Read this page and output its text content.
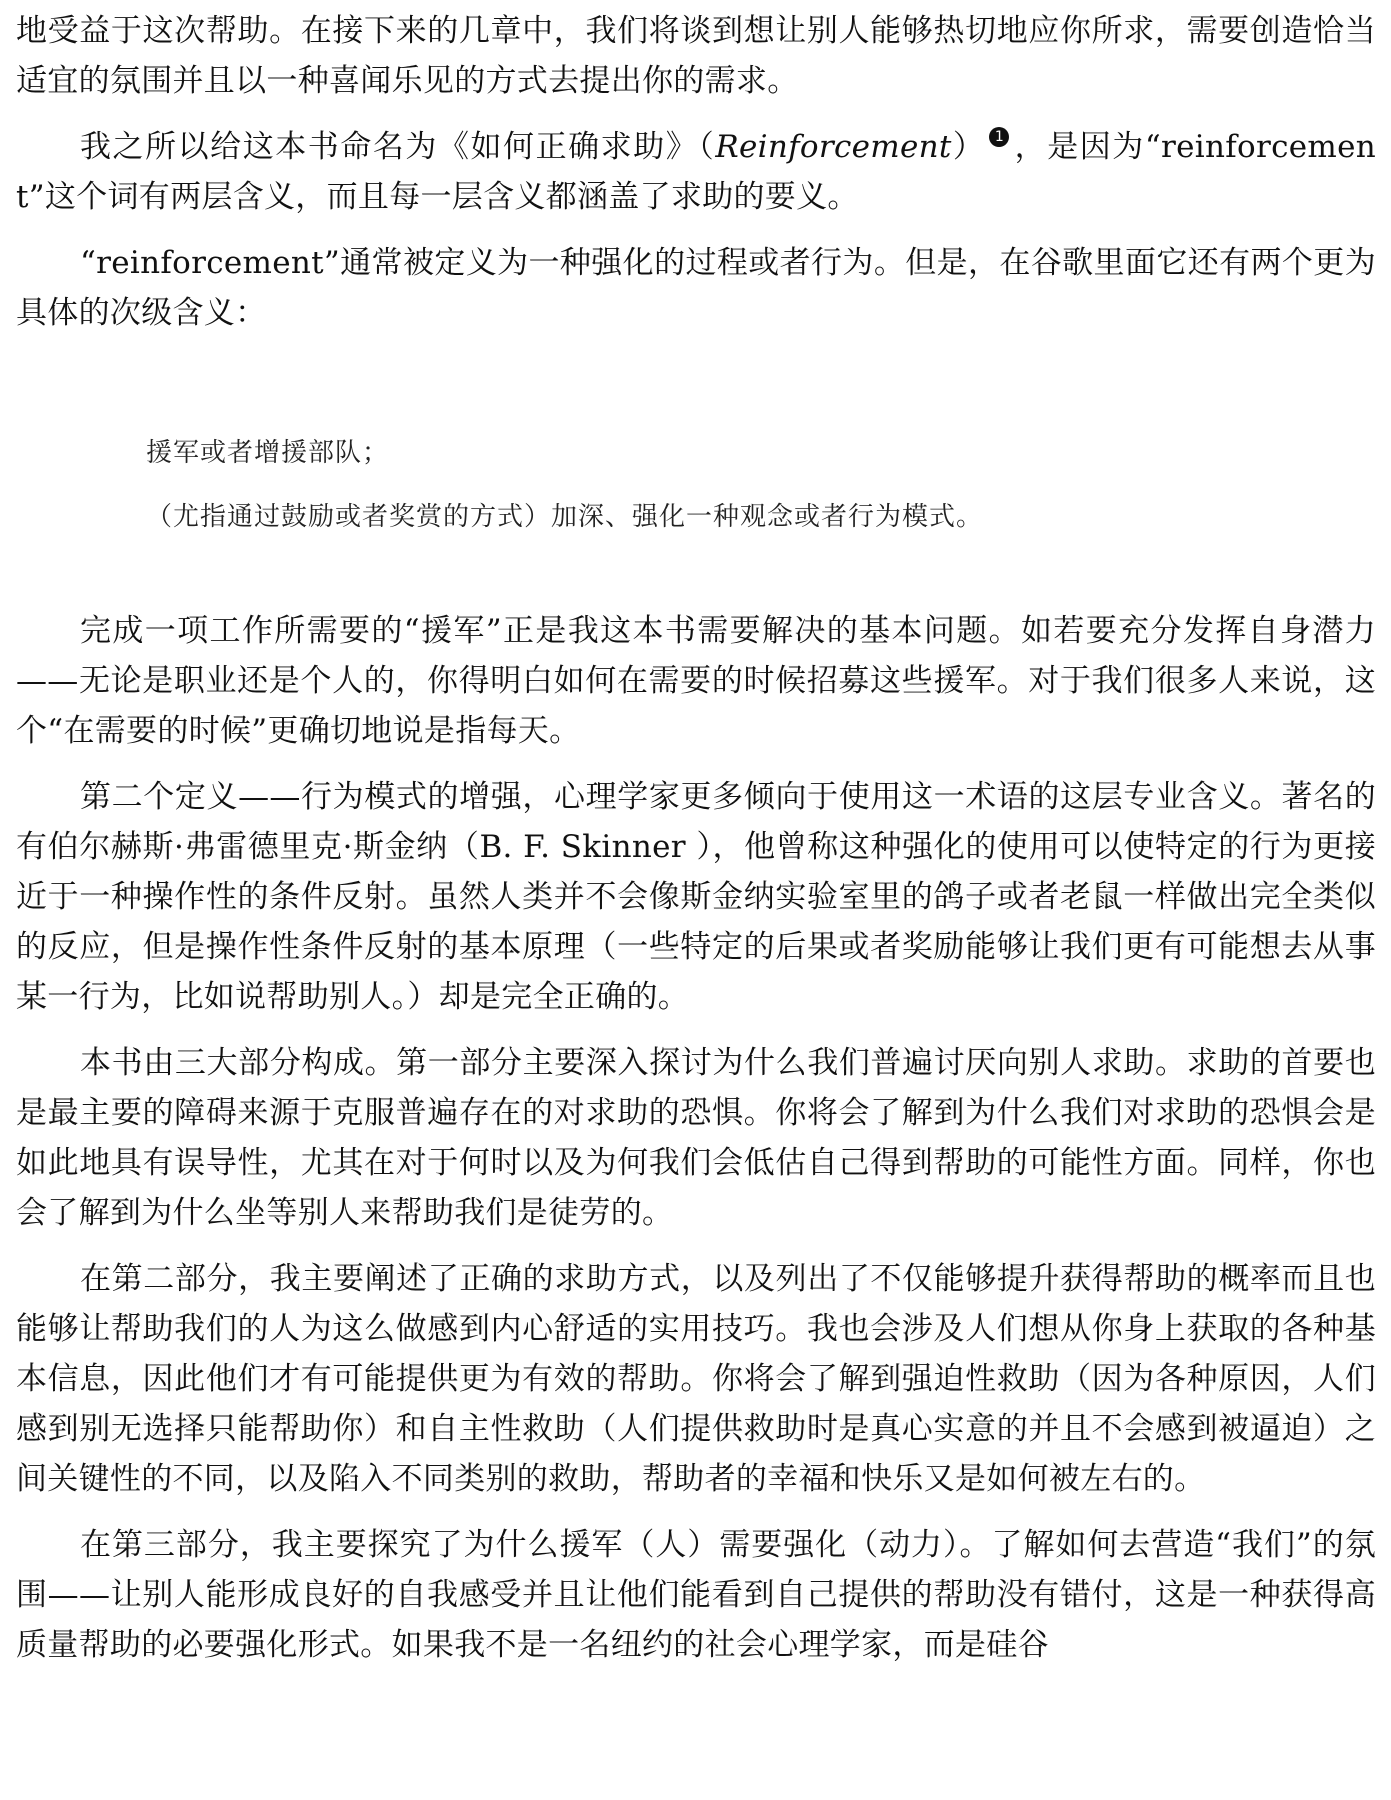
地受益于这次帮助。在接下来的几章中，我们将谈到想让别人能够热切地应你所求，需要创造恰当适宜的氛围并且以一种喜闻乐见的方式去提出你的需求。

我之所以给这本书命名为《如何正确求助》（Reinforcement） 1 ，是因为“reinforcement”这个词有两层含义，而且每一层含义都涵盖了求助的要义。

“reinforcement”通常被定义为一种强化的过程或者行为。但是，在谷歌里面它还有两个更为具体的次级含义：

援军或者增援部队；

（尤指通过鼓励或者奖赏的方式）加深、强化一种观念或者行为模式。

完成一项工作所需要的“援军”正是我这本书需要解决的基本问题。如若要充分发挥自身潜力——无论是职业还是个人的，你得明白如何在需要的时候招募这些援军。对于我们很多人来说，这个“在需要的时候”更确切地说是指每天。

第二个定义——行为模式的增强，心理学家更多倾向于使用这一术语的这层专业含义。著名的有伯尔赫斯·弗雷德里克·斯金纳（B. F. Skinner ），他曾称这种强化的使用可以使特定的行为更接近于一种操作性的条件反射。虽然人类并不会像斯金纳实验室里的鸽子或者老鼠一样做出完全类似的反应，但是操作性条件反射的基本原理（一些特定的后果或者奖励能够让我们更有可能想去从事某一行为，比如说帮助别人。）却是完全正确的。

本书由三大部分构成。第一部分主要深入探讨为什么我们普遍讨厌向别人求助。求助的首要也是最主要的障碍来源于克服普遍存在的对求助的恐惧。你将会了解到为什么我们对求助的恐惧会是如此地具有误导性，尤其在对于何时以及为何我们会低估自己得到帮助的可能性方面。同样，你也会了解到为什么坐等别人来帮助我们是徒劳的。

在第二部分，我主要阐述了正确的求助方式，以及列出了不仅能够提升获得帮助的概率而且也能够让帮助我们的人为这么做感到内心舒适的实用技巧。我也会涉及人们想从你身上获取的各种基本信息，因此他们才有可能提供更为有效的帮助。你将会了解到强迫性救助（因为各种原因，人们感到别无选择只能帮助你）和自主性救助（人们提供救助时是真心实意的并且不会感到被逼迫）之间关键性的不同，以及陷入不同类别的救助，帮助者的幸福和快乐又是如何被左右的。

在第三部分，我主要探究了为什么援军（人）需要强化（动力）。了解如何去营造“我们”的氛围——让别人能形成良好的自我感受并且让他们能看到自己提供的帮助没有错付，这是一种获得高质量帮助的必要强化形式。如果我不是一名纽约的社会心理学家，而是硅谷
